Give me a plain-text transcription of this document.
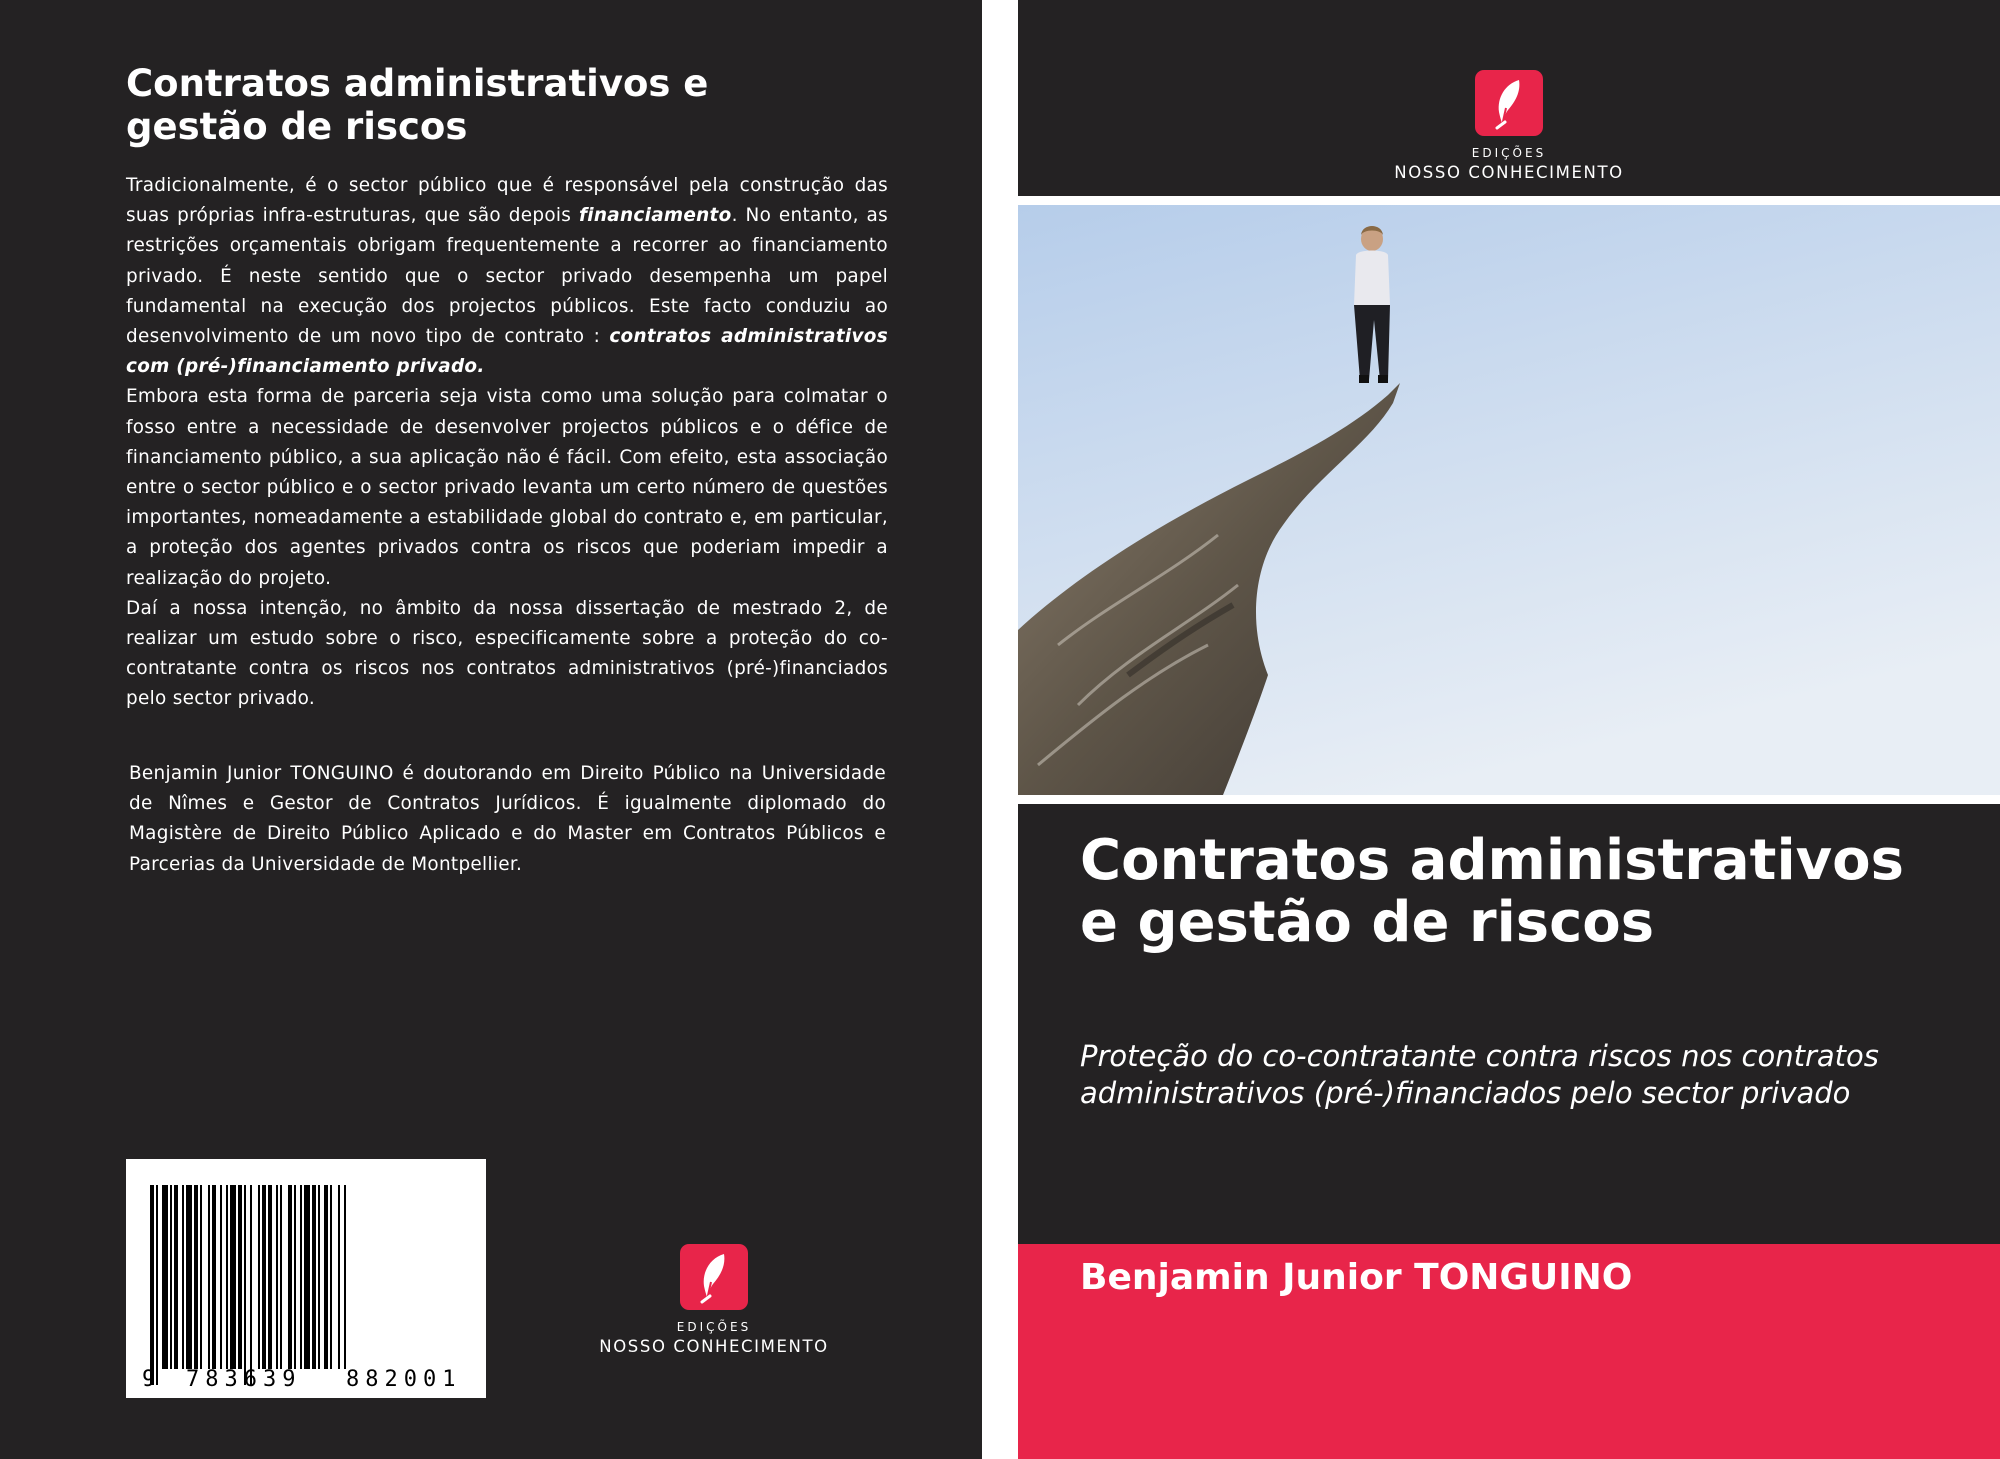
Contratos administrativos e gestão de riscos

Tradicionalmente, é o sector público que é responsável pela construção das suas próprias infra-estruturas, que são depois financiamento. No entanto, as restrições orçamentais obrigam frequentemente a recorrer ao financiamento privado. É neste sentido que o sector privado desempenha um papel fundamental na execução dos projectos públicos. Este facto conduziu ao desenvolvimento de um novo tipo de contrato : contratos administrativos com (pré-)financiamento privado.

Embora esta forma de parceria seja vista como uma solução para colmatar o fosso entre a necessidade de desenvolver projectos públicos e o défice de financiamento público, a sua aplicação não é fácil. Com efeito, esta associação entre o sector público e o sector privado levanta um certo número de questões importantes, nomeadamente a estabilidade global do contrato e, em particular, a proteção dos agentes privados contra os riscos que poderiam impedir a realização do projeto.

Daí a nossa intenção, no âmbito da nossa dissertação de mestrado 2, de realizar um estudo sobre o risco, especificamente sobre a proteção do co-contratante contra os riscos nos contratos administrativos (pré-)financiados pelo sector privado.

Benjamin Junior TONGUINO é doutorando em Direito Público na Universidade de Nîmes e Gestor de Contratos Jurídicos. É igualmente diplomado do Magistère de Direito Público Aplicado e do Master em Contratos Públicos e Parcerias da Universidade de Montpellier.

9 783639 882001
EDIÇÕES
NOSSO CONHECIMENTO
EDIÇÕES
NOSSO CONHECIMENTO
Contratos administrativos e gestão de riscos

Proteção do co-contratante contra riscos nos contratos administrativos (pré-)financiados pelo sector privado

Benjamin Junior TONGUINO
